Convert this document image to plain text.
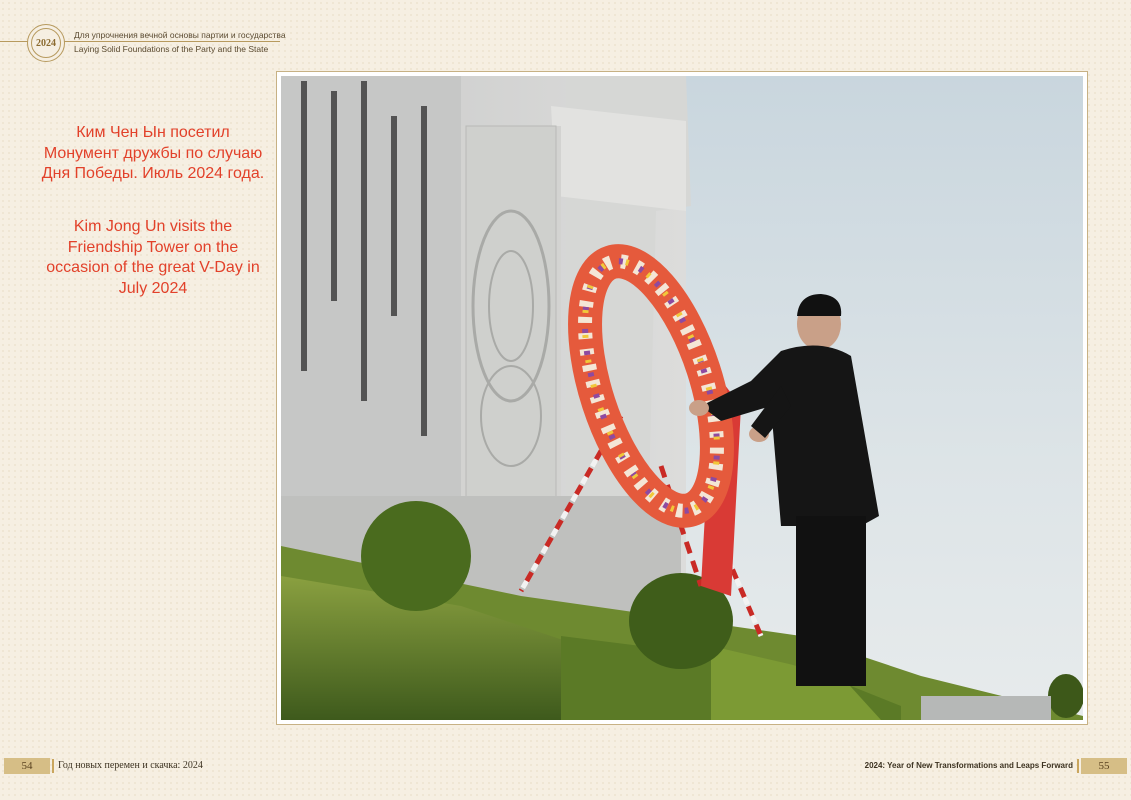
2024
Для упрочнения вечной основы партии и государства
Laying Solid Foundations of the Party and the State
Ким Чен Ын посетил Монумент дружбы по случаю Дня Победы. Июль 2024 года.
Kim Jong Un visits the Friendship Tower on the occasion of the great V-Day in July 2024
54	Год новых перемен и скачка: 2024	2024: Year of New Transformations and Leaps Forward	55
